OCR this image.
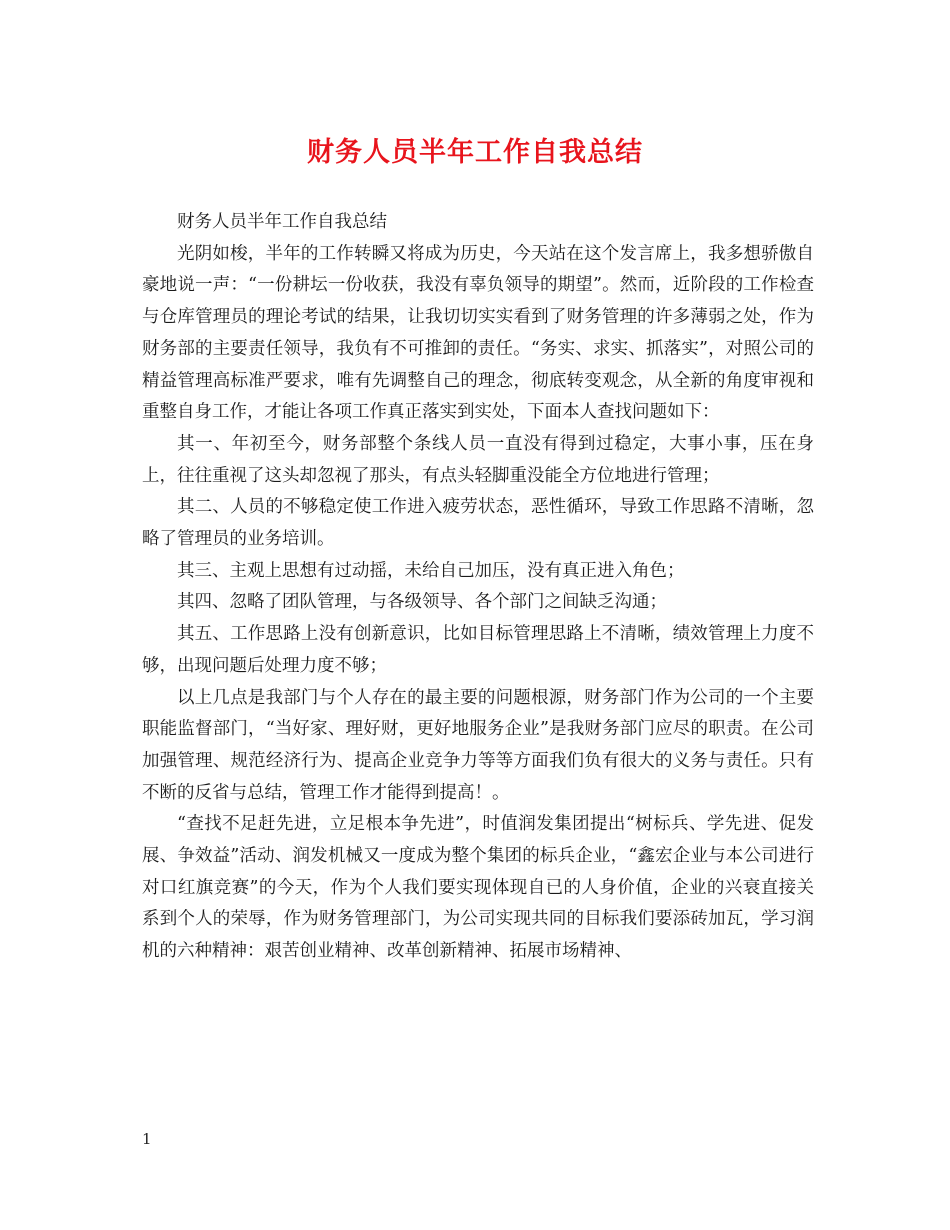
财务人员半年工作自我总结

财务人员半年工作自我总结

光阴如梭，半年的工作转瞬又将成为历史，今天站在这个发言席上，我多想骄傲自豪地说一声：“一份耕坛一份收获，我没有辜负领导的期望”。然而，近阶段的工作检查与仓库管理员的理论考试的结果，让我切切实实看到了财务管理的许多薄弱之处，作为财务部的主要责任领导，我负有不可推卸的责任。“务实、求实、抓落实”，对照公司的精益管理高标准严要求，唯有先调整自己的理念，彻底转变观念，从全新的角度审视和重整自身工作，才能让各项工作真正落实到实处，下面本人查找问题如下：

其一、年初至今，财务部整个条线人员一直没有得到过稳定，大事小事，压在身上，往往重视了这头却忽视了那头，有点头轻脚重没能全方位地进行管理；

其二、人员的不够稳定使工作进入疲劳状态，恶性循环，导致工作思路不清晰，忽略了管理员的业务培训。

其三、主观上思想有过动摇，未给自己加压，没有真正进入角色；

其四、忽略了团队管理，与各级领导、各个部门之间缺乏沟通；

其五、工作思路上没有创新意识，比如目标管理思路上不清晰，绩效管理上力度不够，出现问题后处理力度不够；

以上几点是我部门与个人存在的最主要的问题根源，财务部门作为公司的一个主要职能监督部门，“当好家、理好财，更好地服务企业”是我财务部门应尽的职责。在公司加强管理、规范经济行为、提高企业竞争力等等方面我们负有很大的义务与责任。只有不断的反省与总结，管理工作才能得到提高！。

“查找不足赶先进，立足根本争先进”，时值润发集团提出“树标兵、学先进、促发展、争效益”活动、润发机械又一度成为整个集团的标兵企业，“鑫宏企业与本公司进行对口红旗竞赛”的今天，作为个人我们要实现体现自已的人身价值，企业的兴衰直接关系到个人的荣辱，作为财务管理部门，为公司实现共同的目标我们要添砖加瓦，学习润机的六种精神：艰苦创业精神、改革创新精神、拓展市场精神、

1
